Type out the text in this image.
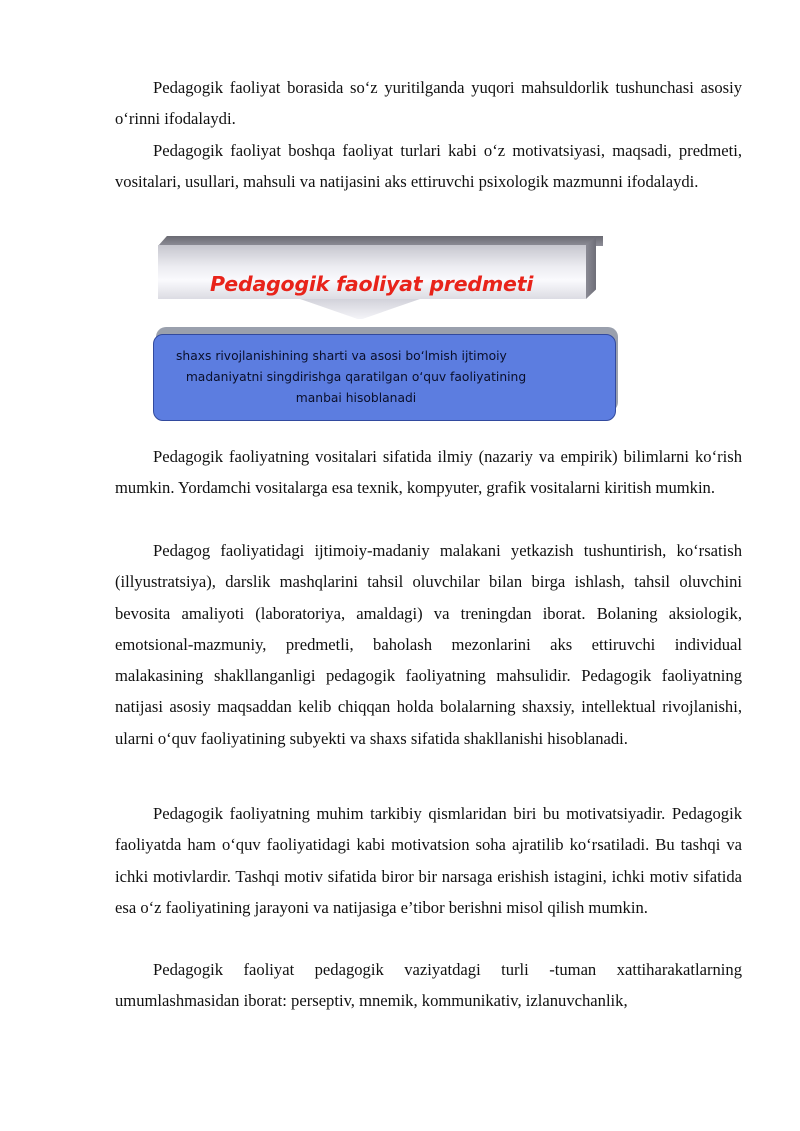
Pedagogik faoliyat borasida so‘z yuritilganda yuqori mahsuldorlik tushunchasi asosiy o‘rinni ifodalaydi.

Pedagogik faoliyat boshqa faoliyat turlari kabi o‘z motivatsiyasi, maqsadi, predmeti, vositalari, usullari, mahsuli va natijasini aks ettiruvchi psixologik mazmunni ifodalaydi.

Pedagogik faoliyat predmeti

shaxs rivojlanishining sharti va asosi bo‘lmish ijtimoiy
madaniyatni singdirishga qaratilgan o‘quv faoliyatining
manbai hisoblanadi

Pedagogik faoliyatning vositalari sifatida ilmiy (nazariy va empirik) bilimlarni ko‘rish mumkin. Yordamchi vositalarga esa texnik, kompyuter, grafik vositalarni kiritish mumkin.

Pedagog faoliyatidagi ijtimoiy-madaniy malakani yetkazish tushuntirish, ko‘rsatish (illyustratsiya), darslik mashqlarini tahsil oluvchilar bilan birga ishlash, tahsil oluvchini bevosita amaliyoti (laboratoriya, amaldagi) va treningdan iborat. Bolaning aksiologik, emotsional-mazmuniy, predmetli, baholash mezonlarini aks ettiruvchi individual malakasining shakllanganligi pedagogik faoliyatning mahsulidir. Pedagogik faoliyatning natijasi asosiy maqsaddan kelib chiqqan holda bolalarning shaxsiy, intellektual rivojlanishi, ularni o‘quv faoliyatining subyekti va shaxs sifatida shakllanishi hisoblanadi.

Pedagogik faoliyatning muhim tarkibiy qismlaridan biri bu motivatsiyadir. Pedagogik faoliyatda ham o‘quv faoliyatidagi kabi motivatsion soha ajratilib ko‘rsatiladi. Bu tashqi va ichki motivlardir. Tashqi motiv sifatida biror bir narsaga erishish istagini, ichki motiv sifatida esa o‘z faoliyatining jarayoni va natijasiga e’tibor berishni misol qilish mumkin.

Pedagogik faoliyat pedagogik vaziyatdagi turli -tuman xattiharakatlarning umumlashmasidan iborat: perseptiv, mnemik, kommunikativ, izlanuvchanlik,
